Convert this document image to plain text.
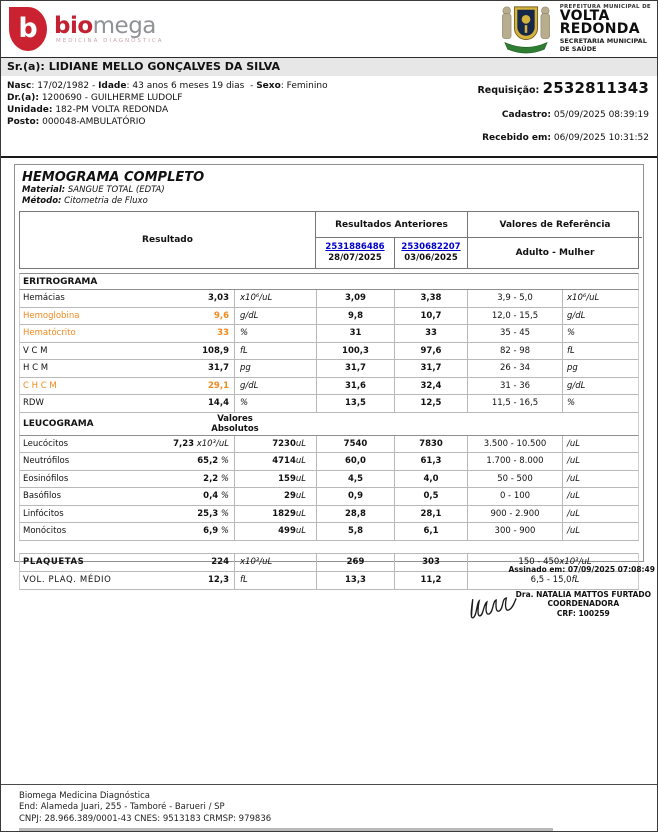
b biomega
MEDICINA DIAGNÓSTICA
PREFEITURA MUNICIPAL DE
VOLTA
REDONDA
SECRETARIA MUNICIPAL
DE SAÚDE
Sr.(a): LIDIANE MELLO GONÇALVES DA SILVA
Nasc: 17/02/1982 - Idade: 43 anos 6 meses 19 dias  - Sexo: Feminino
Dr.(a): 1200690 - GUILHERME LUDOLF
Unidade: 182-PM VOLTA REDONDA
Posto: 000048-AMBULATÓRIO
Requisição: 2532811343
Cadastro: 05/09/2025 08:39:19
Recebido em: 06/09/2025 10:31:52
HEMOGRAMA COMPLETO
Material: SANGUE TOTAL (EDTA)
Método: Citometria de Fluxo
Resultado
Resultados Anteriores	Valores de Referência
2531886486
28/07/2025
2530682207
03/06/2025	Adulto - Mulher
ERITROGRAMA
Hemácias	3,03 x10⁶/uL	3,09	3,38	3,9 - 5,0	x10⁶/uL
Hemoglobina	9,6 g/dL	9,8	10,7	12,0 - 15,5	g/dL
Hematócrito	33 %	31	33	35 - 45	%
V C M	108,9 fL	100,3	97,6	82 - 98	fL
H C M	31,7 pg	31,7	31,7	26 - 34	pg
C H C M	29,1 g/dL	31,6	32,4	31 - 36	g/dL
RDW	14,4 %	13,5	12,5	11,5 - 16,5	%
LEUCOGRAMA	Valores
Absolutos
Leucócitos	7,23 x10³/uL	7230 uL	7540	7830	3.500 - 10.500	/uL
Neutrófilos	65,2 %	4714 uL	60,0	61,3	1.700 - 8.000	/uL
Eosinófilos	2,2 %	159 uL	4,5	4,0	50 - 500	/uL
Basófilos	0,4 %	29 uL	0,9	0,5	0 - 100	/uL
Linfócitos	25,3 %	1829 uL	28,8	28,1	900 - 2.900	/uL
Monócitos	6,9 %	499 uL	5,8	6,1	300 - 900	/uL
PLAQUETAS	224 x10³/uL	269	303	150 - 450 x10³/uL
VOL. PLAQ. MÉDIO	12,3 fL	13,3	11,2	6,5 - 15,0 fL
Assinado em: 07/09/2025 07:08:49
Dra. NATALIA MATTOS FURTADO
COORDENADORA
CRF: 100259
Biomega Medicina Diagnóstica
End: Alameda Juari, 255 - Tamboré - Barueri / SP
CNPJ: 28.966.389/0001-43 CNES: 9513183 CRMSP: 979836
